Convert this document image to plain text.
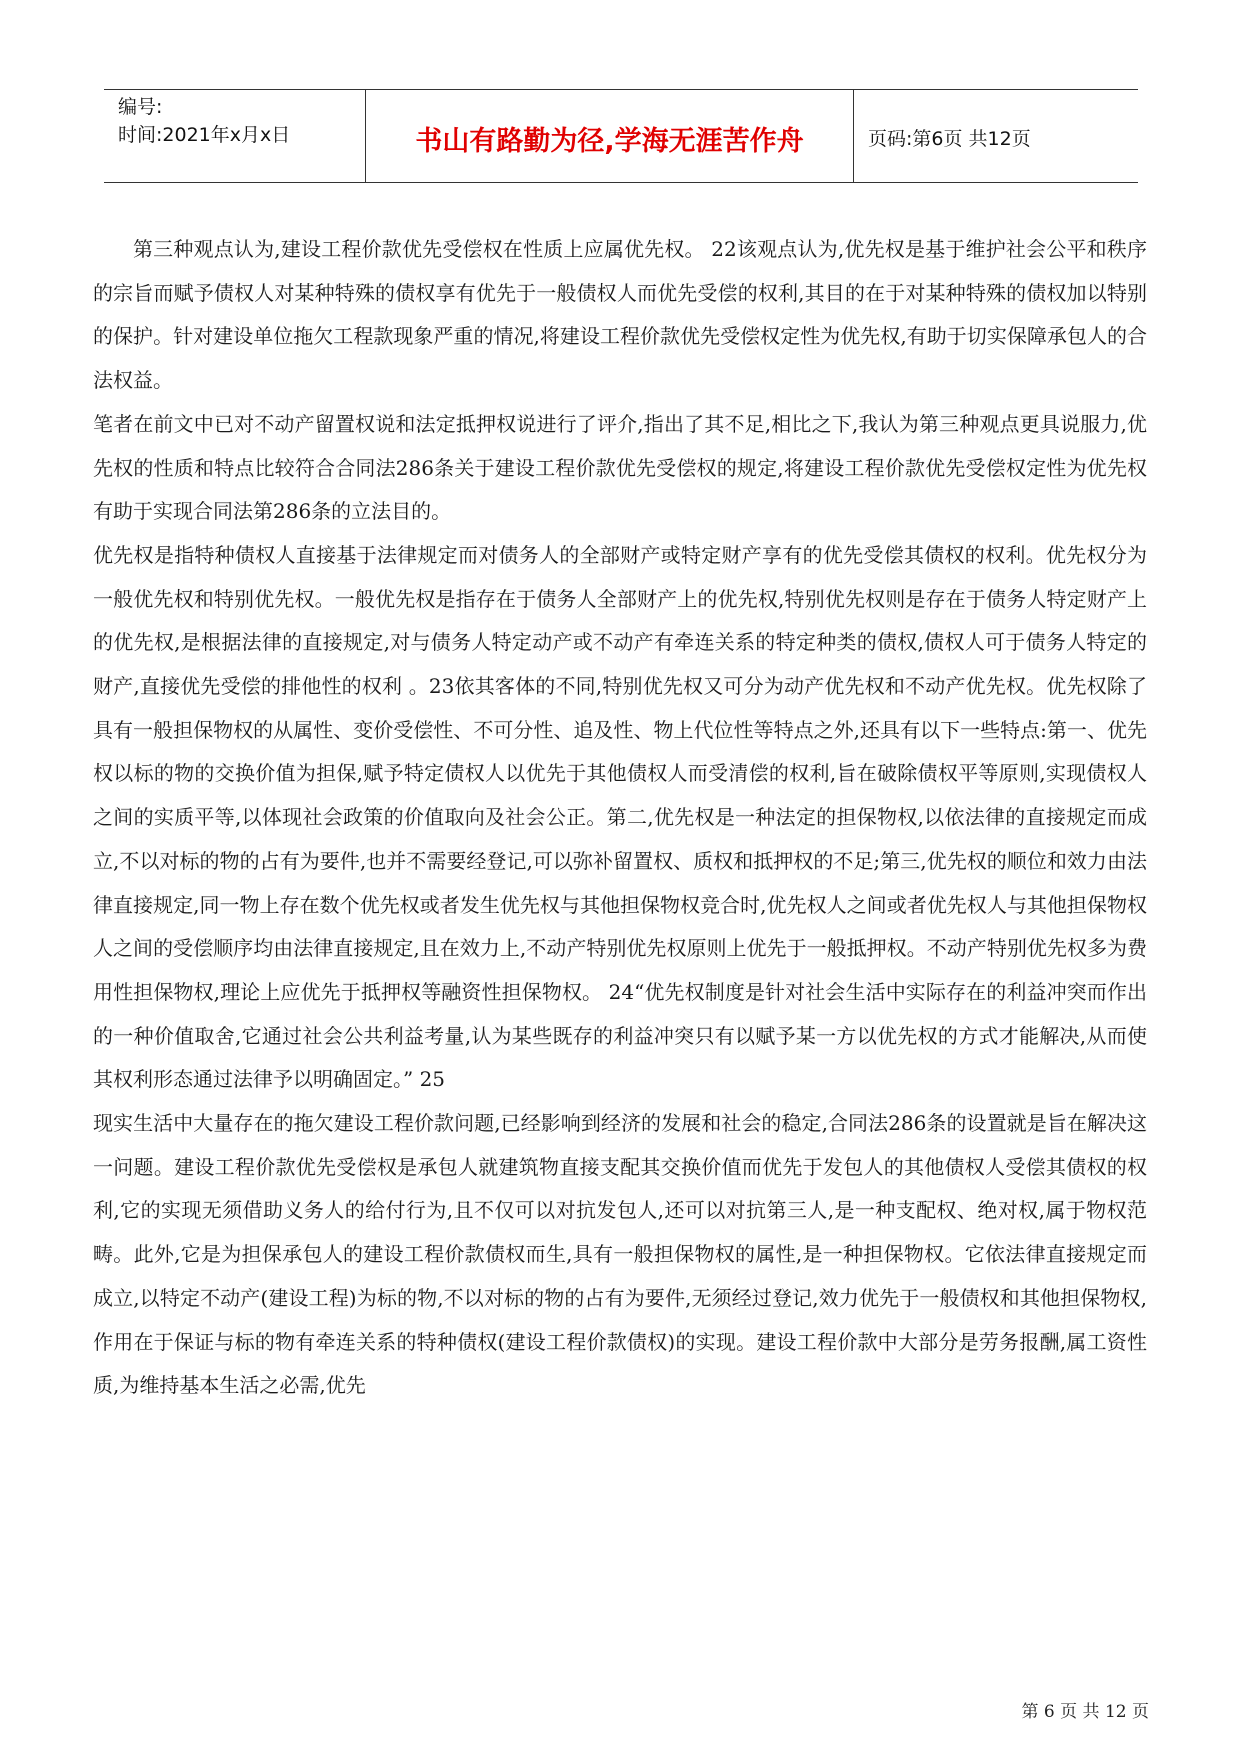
编号:
时间:2021年x月x日	书山有路勤为径,学海无涯苦作舟	页码:第6页 共12页

第三种观点认为,建设工程价款优先受偿权在性质上应属优先权。 22该观点认为,优先权是基于维护社会公平和秩序的宗旨而赋予债权人对某种特殊的债权享有优先于一般债权人而优先受偿的权利,其目的在于对某种特殊的债权加以特别的保护。针对建设单位拖欠工程款现象严重的情况,将建设工程价款优先受偿权定性为优先权,有助于切实保障承包人的合法权益。

笔者在前文中已对不动产留置权说和法定抵押权说进行了评介,指出了其不足,相比之下,我认为第三种观点更具说服力,优先权的性质和特点比较符合合同法286条关于建设工程价款优先受偿权的规定,将建设工程价款优先受偿权定性为优先权有助于实现合同法第286条的立法目的。

优先权是指特种债权人直接基于法律规定而对债务人的全部财产或特定财产享有的优先受偿其债权的权利。优先权分为一般优先权和特别优先权。一般优先权是指存在于债务人全部财产上的优先权,特别优先权则是存在于债务人特定财产上的优先权,是根据法律的直接规定,对与债务人特定动产或不动产有牵连关系的特定种类的债权,债权人可于债务人特定的财产,直接优先受偿的排他性的权利 。23依其客体的不同,特别优先权又可分为动产优先权和不动产优先权。优先权除了具有一般担保物权的从属性、变价受偿性、不可分性、追及性、物上代位性等特点之外,还具有以下一些特点:第一、优先权以标的物的交换价值为担保,赋予特定债权人以优先于其他债权人而受清偿的权利,旨在破除债权平等原则,实现债权人之间的实质平等,以体现社会政策的价值取向及社会公正。第二,优先权是一种法定的担保物权,以依法律的直接规定而成立,不以对标的物的占有为要件,也并不需要经登记,可以弥补留置权、质权和抵押权的不足;第三,优先权的顺位和效力由法律直接规定,同一物上存在数个优先权或者发生优先权与其他担保物权竞合时,优先权人之间或者优先权人与其他担保物权人之间的受偿顺序均由法律直接规定,且在效力上,不动产特别优先权原则上优先于一般抵押权。不动产特别优先权多为费用性担保物权,理论上应优先于抵押权等融资性担保物权。 24“优先权制度是针对社会生活中实际存在的利益冲突而作出的一种价值取舍,它通过社会公共利益考量,认为某些既存的利益冲突只有以赋予某一方以优先权的方式才能解决,从而使其权利形态通过法律予以明确固定。” 25

现实生活中大量存在的拖欠建设工程价款问题,已经影响到经济的发展和社会的稳定,合同法286条的设置就是旨在解决这一问题。建设工程价款优先受偿权是承包人就建筑物直接支配其交换价值而优先于发包人的其他债权人受偿其债权的权利,它的实现无须借助义务人的给付行为,且不仅可以对抗发包人,还可以对抗第三人,是一种支配权、绝对权,属于物权范畴。此外,它是为担保承包人的建设工程价款债权而生,具有一般担保物权的属性,是一种担保物权。它依法律直接规定而成立,以特定不动产(建设工程)为标的物,不以对标的物的占有为要件,无须经过登记,效力优先于一般债权和其他担保物权,作用在于保证与标的物有牵连关系的特种债权(建设工程价款债权)的实现。建设工程价款中大部分是劳务报酬,属工资性质,为维持基本生活之必需,优先

第 6 页 共 12 页
